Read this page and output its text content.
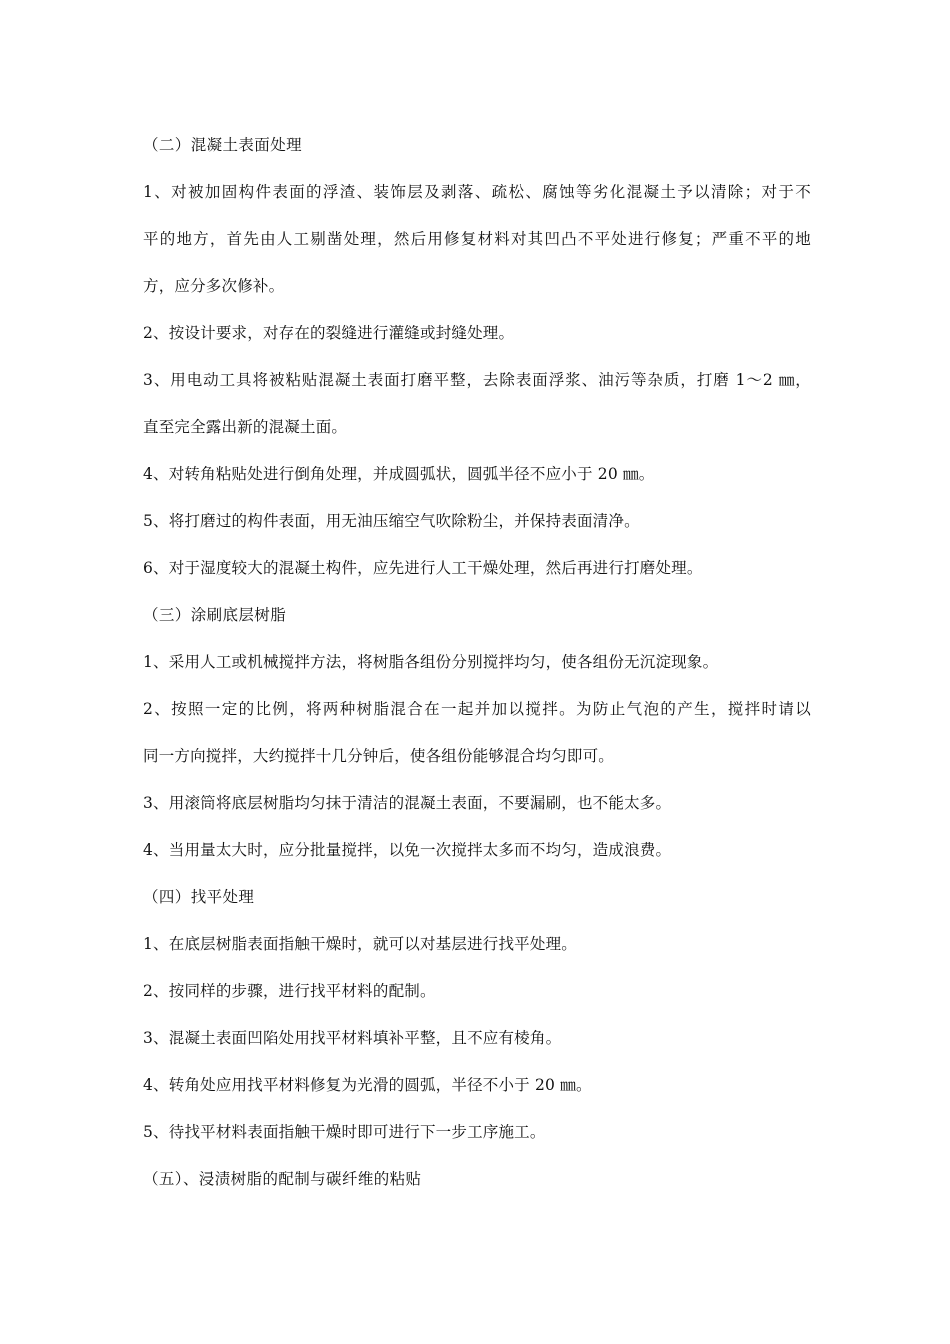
（二）混凝土表面处理
1、对被加固构件表面的浮渣、装饰层及剥落、疏松、腐蚀等劣化混凝土予以清除；对于不
平的地方，首先由人工剔凿处理，然后用修复材料对其凹凸不平处进行修复；严重不平的地
方，应分多次修补。
2、按设计要求，对存在的裂缝进行灌缝或封缝处理。
3、用电动工具将被粘贴混凝土表面打磨平整，去除表面浮浆、油污等杂质，打磨 1～2 ㎜，
直至完全露出新的混凝土面。
4、对转角粘贴处进行倒角处理，并成圆弧状，圆弧半径不应小于 20 ㎜。
5、将打磨过的构件表面，用无油压缩空气吹除粉尘，并保持表面清净。
6、对于湿度较大的混凝土构件，应先进行人工干燥处理，然后再进行打磨处理。
（三）涂刷底层树脂
1、采用人工或机械搅拌方法，将树脂各组份分别搅拌均匀，使各组份无沉淀现象。
2、按照一定的比例，将两种树脂混合在一起并加以搅拌。为防止气泡的产生，搅拌时请以
同一方向搅拌，大约搅拌十几分钟后，使各组份能够混合均匀即可。
3、用滚筒将底层树脂均匀抹于清洁的混凝土表面，不要漏刷，也不能太多。
4、当用量太大时，应分批量搅拌，以免一次搅拌太多而不均匀，造成浪费。
（四）找平处理
1、在底层树脂表面指触干燥时，就可以对基层进行找平处理。
2、按同样的步骤，进行找平材料的配制。
3、混凝土表面凹陷处用找平材料填补平整，且不应有棱角。
4、转角处应用找平材料修复为光滑的圆弧，半径不小于 20 ㎜。
5、待找平材料表面指触干燥时即可进行下一步工序施工。
（五）、浸渍树脂的配制与碳纤维的粘贴
